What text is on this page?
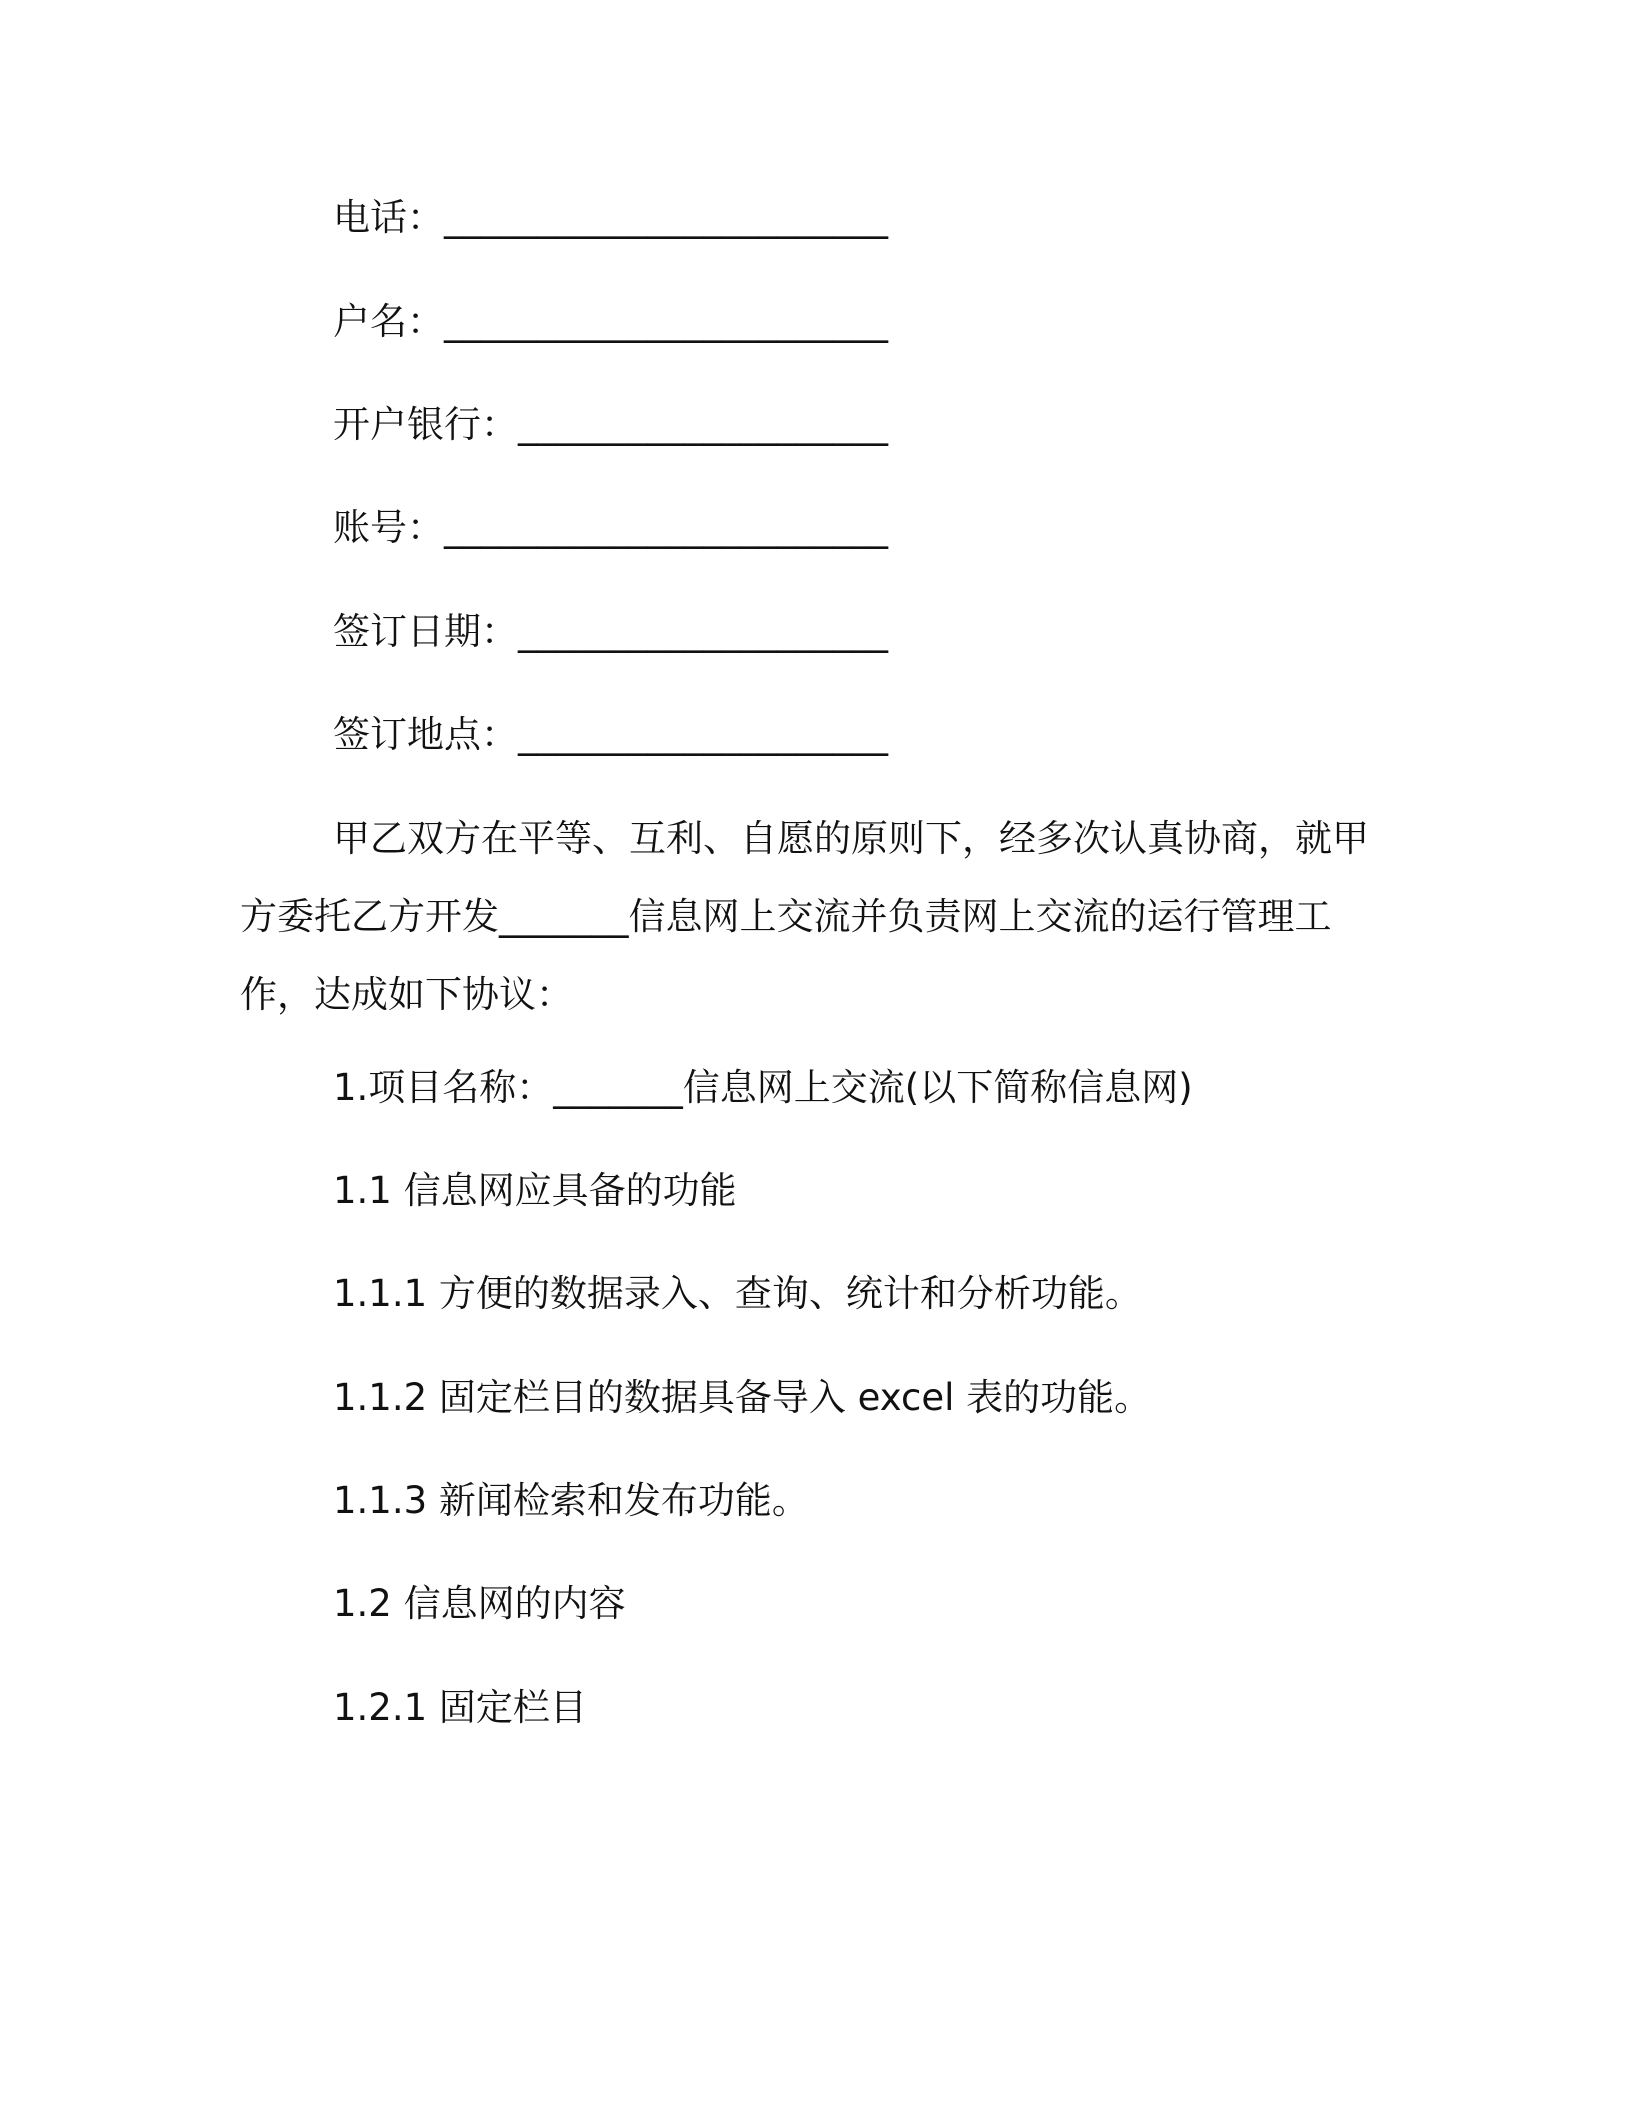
电话：________________________
户名：________________________
开户银行：____________________
账号：________________________
签订日期：____________________
签订地点：____________________
甲乙双方在平等、互利、自愿的原则下，经多次认真协商，就甲方委托乙方开发_______信息网上交流并负责网上交流的运行管理工作，达成如下协议：
1.项目名称：_______信息网上交流(以下简称信息网)
1.1 信息网应具备的功能
1.1.1 方便的数据录入、查询、统计和分析功能。
1.1.2 固定栏目的数据具备导入 excel 表的功能。
1.1.3 新闻检索和发布功能。
1.2 信息网的内容
1.2.1 固定栏目
